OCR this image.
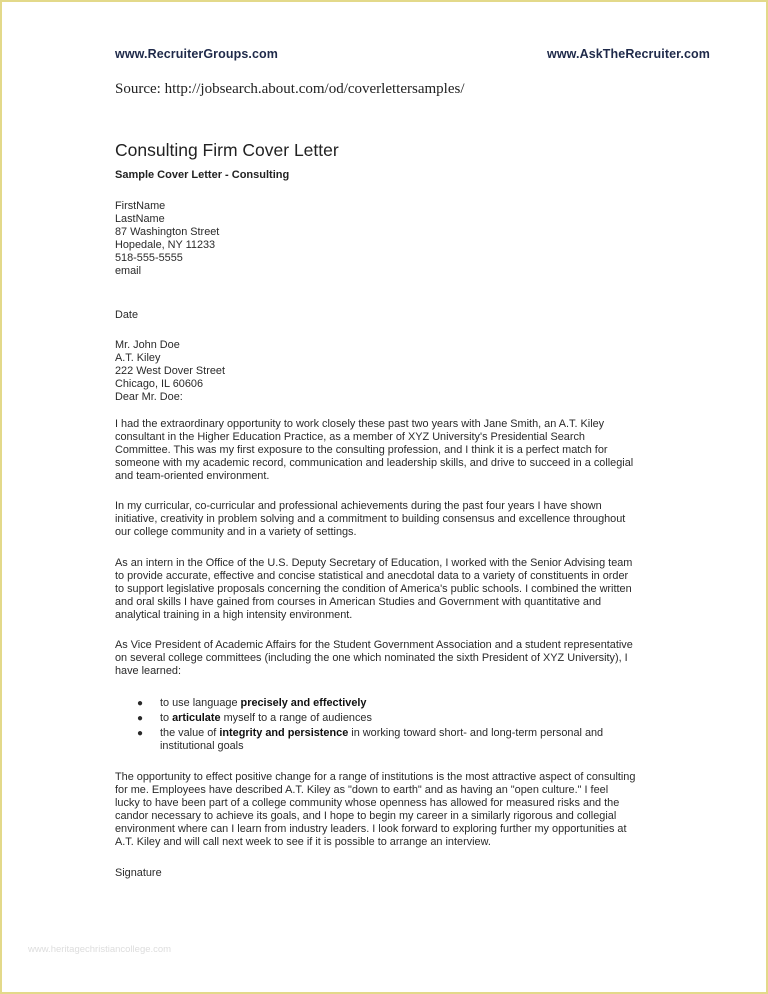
www.RecruiterGroups.com	www.AskTheRecruiter.com
Source: http://jobsearch.about.com/od/coverlettersamples/
Consulting Firm Cover Letter
Sample Cover Letter - Consulting
FirstName
LastName
87 Washington Street
Hopedale, NY 11233
518-555-5555
email
Date
Mr. John Doe
A.T. Kiley
222 West Dover Street
Chicago, IL 60606
Dear Mr. Doe:
I had the extraordinary opportunity to work closely these past two years with Jane Smith, an A.T. Kiley
consultant in the Higher Education Practice, as a member of XYZ University's Presidential Search
Committee. This was my first exposure to the consulting profession, and I think it is a perfect match for
someone with my academic record, communication and leadership skills, and drive to succeed in a collegial
and team-oriented environment.
In my curricular, co-curricular and professional achievements during the past four years I have shown
initiative, creativity in problem solving and a commitment to building consensus and excellence throughout
our college community and in a variety of settings.
As an intern in the Office of the U.S. Deputy Secretary of Education, I worked with the Senior Advising team
to provide accurate, effective and concise statistical and anecdotal data to a variety of constituents in order
to support legislative proposals concerning the condition of America's public schools. I combined the written
and oral skills I have gained from courses in American Studies and Government with quantitative and
analytical training in a high intensity environment.
As Vice President of Academic Affairs for the Student Government Association and a student representative
on several college committees (including the one which nominated the sixth President of XYZ University), I
have learned:
● to use language precisely and effectively
● to articulate myself to a range of audiences
● the value of integrity and persistence in working toward short- and long-term personal and institutional goals
The opportunity to effect positive change for a range of institutions is the most attractive aspect of consulting
for me. Employees have described A.T. Kiley as "down to earth" and as having an "open culture." I feel
lucky to have been part of a college community whose openness has allowed for measured risks and the
candor necessary to achieve its goals, and I hope to begin my career in a similarly rigorous and collegial
environment where can I learn from industry leaders. I look forward to exploring further my opportunities at
A.T. Kiley and will call next week to see if it is possible to arrange an interview.
Signature
www.heritagechristiancollege.com
